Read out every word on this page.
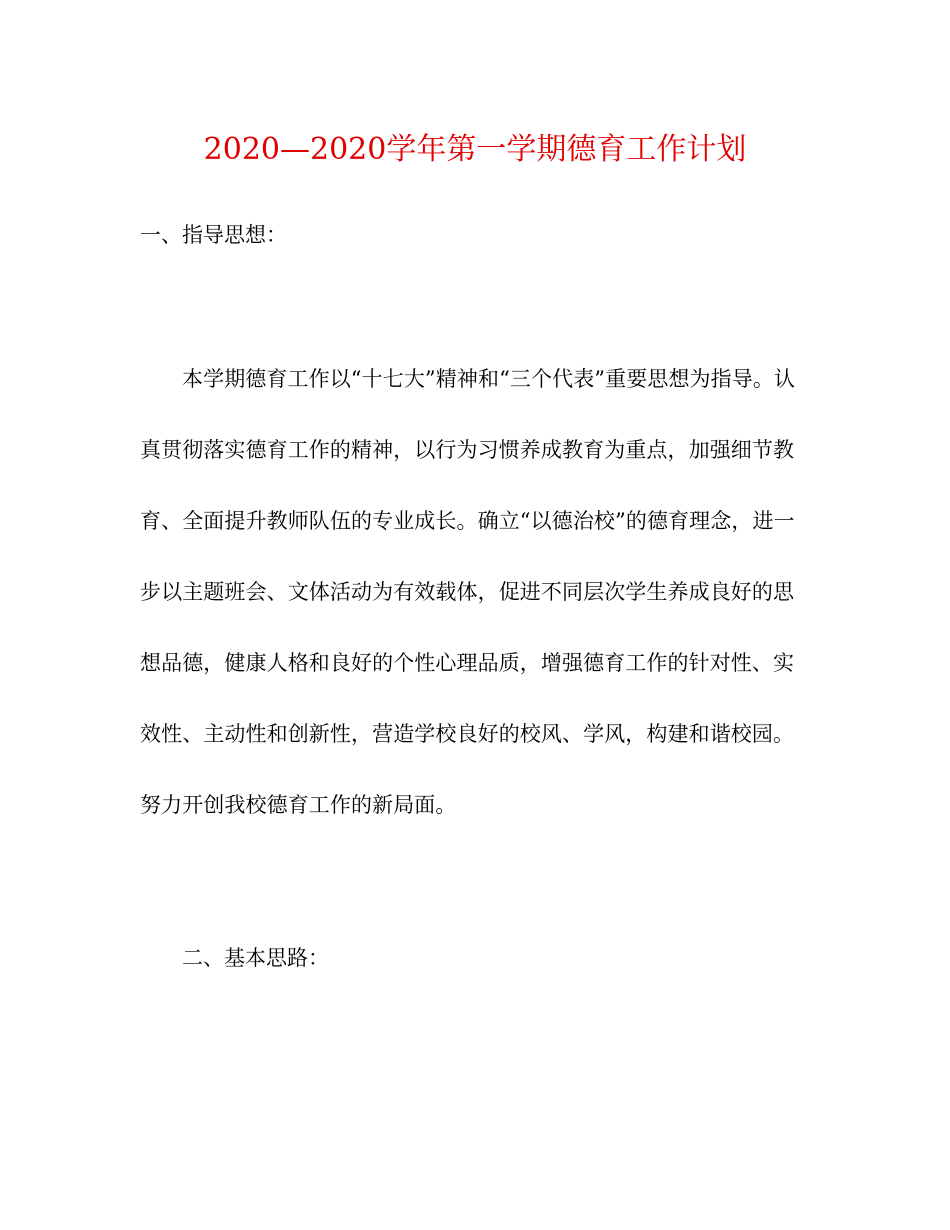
2020—2020学年第一学期德育工作计划
一、指导思想：
本学期德育工作以“十七大”精神和“三个代表”重要思想为指导。认
真贯彻落实德育工作的精神，以行为习惯养成教育为重点，加强细节教
育、全面提升教师队伍的专业成长。确立“以德治校”的德育理念，进一
步以主题班会、文体活动为有效载体，促进不同层次学生养成良好的思
想品德，健康人格和良好的个性心理品质，增强德育工作的针对性、实
效性、主动性和创新性，营造学校良好的校风、学风，构建和谐校园。
努力开创我校德育工作的新局面。
二、基本思路：
